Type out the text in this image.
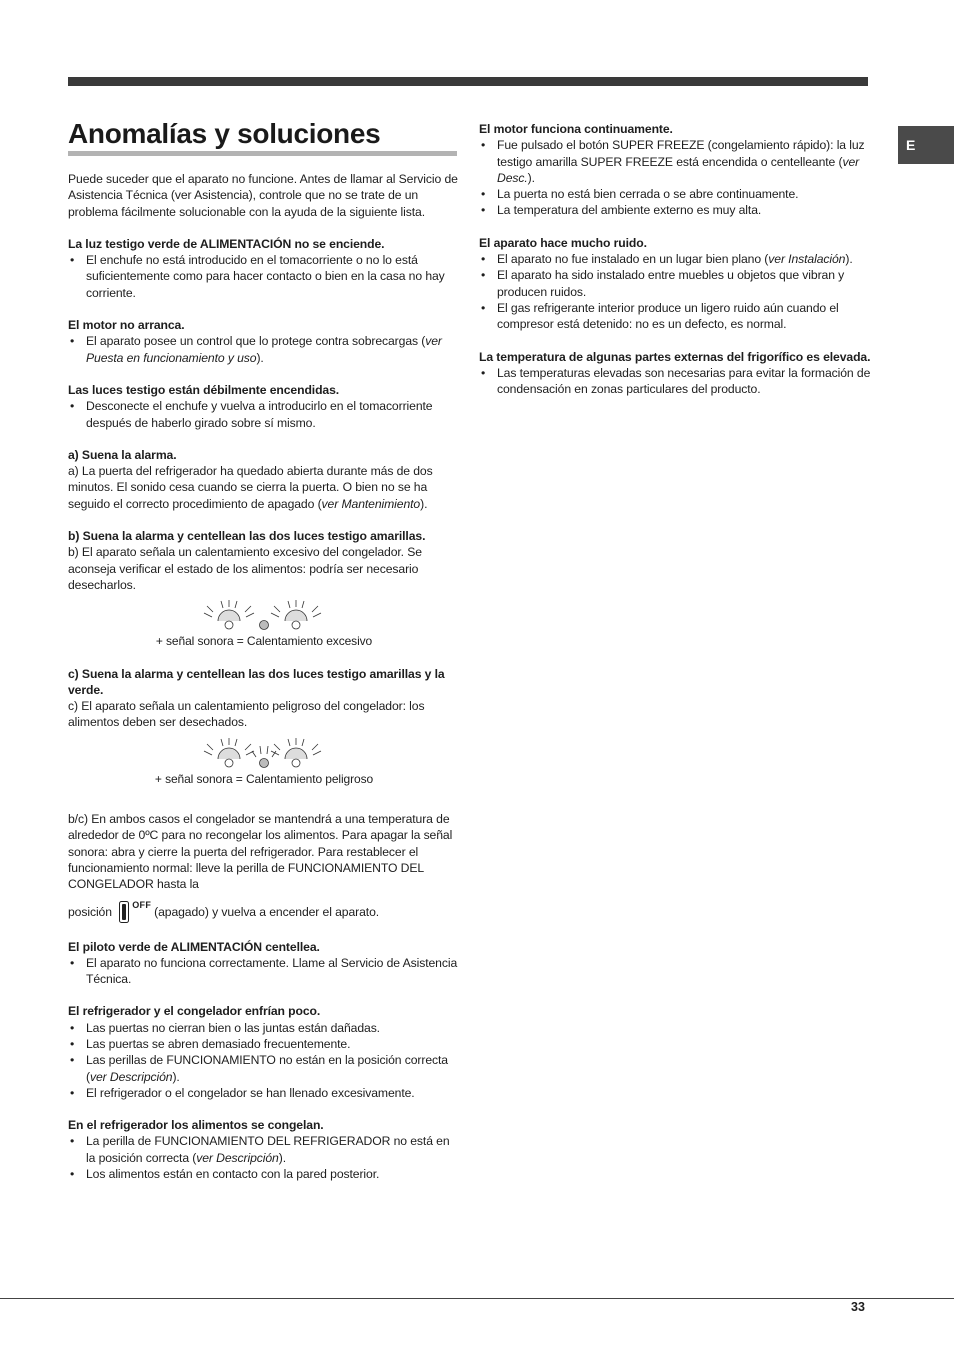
E
Anomalías y soluciones

Puede suceder que el aparato no funcione. Antes de llamar al Servicio de Asistencia Técnica (ver Asistencia), controle que no se trate de un problema fácilmente solucionable con la ayuda de la siguiente lista.

La luz testigo verde de ALIMENTACIÓN no se enciende.

• El enchufe no está introducido en el tomacorriente o no lo está suficientemente como para hacer contacto o bien en la casa no hay corriente.

El motor no arranca.

• El aparato posee un control que lo protege contra sobrecargas (ver Puesta en funcionamiento y uso).

Las luces testigo están débilmente encendidas.

• Desconecte el enchufe y vuelva a introducirlo en el tomacorriente después de haberlo girado sobre sí mismo.

a) Suena la alarma.

a) La puerta del refrigerador ha quedado abierta durante más de dos minutos. El sonido cesa cuando se cierra la puerta. O bien no se ha seguido el correcto procedimiento de apagado (ver Mantenimiento).

b) Suena la alarma y centellean las dos luces testigo amarillas.

b) El aparato señala un calentamiento excesivo del congelador. Se aconseja verificar el estado de los alimentos: podría ser necesario desecharlos.

+ señal sonora = Calentamiento excesivo

c) Suena la alarma y centellean las dos luces testigo amarillas y la verde.

c) El aparato señala un calentamiento peligroso del congelador: los alimentos deben ser desechados.

+ señal sonora = Calentamiento peligroso

b/c) En ambos casos el congelador se mantendrá a una temperatura de alrededor de 0ºC para no recongelar los alimentos. Para apagar la señal sonora: abra y cierre la puerta del refrigerador. Para restablecer el funcionamiento normal: lleve la perilla de FUNCIONAMIENTO DEL CONGELADOR hasta la

posición $^{OFF}$ (apagado) y vuelva a encender el aparato.

El piloto verde de ALIMENTACIÓN centellea.

• El aparato no funciona correctamente. Llame al Servicio de Asistencia Técnica.

El refrigerador y el congelador enfrían poco.

• Las puertas no cierran bien o las juntas están dañadas.
• Las puertas se abren demasiado frecuentemente.
• Las perillas de FUNCIONAMIENTO no están en la posición correcta (ver Descripción).
• El refrigerador o el congelador se han llenado excesivamente.

En el refrigerador los alimentos se congelan.

• La perilla de FUNCIONAMIENTO DEL REFRIGERADOR no está en la posición correcta (ver Descripción).
• Los alimentos están en contacto con la pared posterior.

El motor funciona continuamente.

• Fue pulsado el botón SUPER FREEZE (congelamiento rápido): la luz testigo amarilla SUPER FREEZE está encendida o centelleante (ver Desc.).
• La puerta no está bien cerrada o se abre continuamente.
• La temperatura del ambiente externo es muy alta.

El aparato hace mucho ruido.

• El aparato no fue instalado en un lugar bien plano (ver Instalación).
• El aparato ha sido instalado entre muebles u objetos que vibran y producen ruidos.
• El gas refrigerante interior produce un ligero ruido aún cuando el compresor está detenido: no es un defecto, es normal.

La temperatura de algunas partes externas del frigorífico es elevada.

• Las temperaturas elevadas son necesarias para evitar la formación de condensación en zonas particulares del producto.
33
